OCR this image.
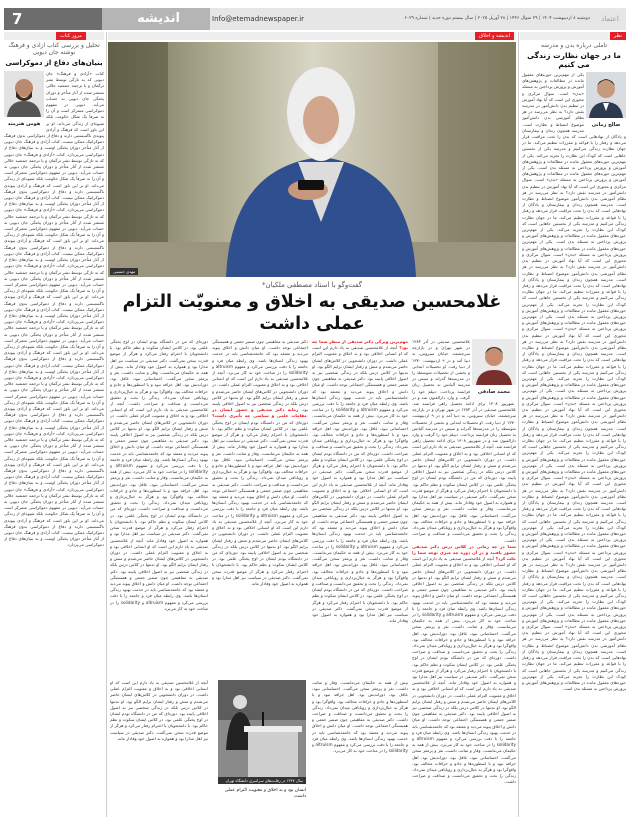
7	اندیشه	Info@etemadnewspaper.ir	دوشنبه ۸ اردیبهشت ۱۴۰۴ | ۲۹ شوال ۱۴۴۶ | ۲۸ آوریل ۲۰۲۵ | سال بیستم دوره جدید | شماره ۶۰۲۹	اعتماد
مرور کتاب	اندیشه و اخلاق	نظر
تاملی درباره بدن و مدرسه
ما در جهان نظارت زندگی می کنیم
صالح زمانی
یکی از مهم‌ترین حوزه‌های مغفول مانده در مطالعات و پژوهش‌های آموزش و پرورش پرداختن به مسئله «بدن» است. سوال مرکزی و محوری این است که آیا نهاد آموزش در تنظیم بدن دانش‌آموز در مدرسه نقش دارد؟ به نظر می‌رسد در هر نظام آموزشی بدن دانش‌آموز موضوع انضباط و نظارت است. مدرسه همچون زندان و بیمارستان و پادگان از نهادهایی است که بدن را تحت مراقبت قرار می‌دهد و رفتار را با قواعد و مقررات تنظیم می‌کند. ما در جهان نظارت زندگی می‌کنیم و مدرسه یکی از نخستین جاهایی است که کودک این نظارت را تجربه می‌کند. یکی از مهم‌ترین حوزه‌های مغفول مانده در مطالعات و پژوهش‌های آموزش و پرورش پرداختن به مسئله بدن است. یکی از مهم‌ترین حوزه‌های مغفول مانده در مطالعات و پژوهش‌های آموزش و پرورش پرداختن به مسئله «بدن» است. سوال مرکزی و محوری این است که آیا نهاد آموزش در تنظیم بدن دانش‌آموز در مدرسه نقش دارد؟ به نظر می‌رسد در هر نظام آموزشی بدن دانش‌آموز موضوع انضباط و نظارت است. مدرسه همچون زندان و بیمارستان و پادگان از نهادهایی است که بدن را تحت مراقبت قرار می‌دهد و رفتار را با قواعد و مقررات تنظیم می‌کند. ما در جهان نظارت زندگی می‌کنیم و مدرسه یکی از نخستین جاهایی است که کودک این نظارت را تجربه می‌کند. یکی از مهم‌ترین حوزه‌های مغفول مانده در مطالعات و پژوهش‌های آموزش و پرورش پرداختن به مسئله بدن است. یکی از مهم‌ترین حوزه‌های مغفول مانده در مطالعات و پژوهش‌های آموزش و پرورش پرداختن به مسئله «بدن» است. سوال مرکزی و محوری این است که آیا نهاد آموزش در تنظیم بدن دانش‌آموز در مدرسه نقش دارد؟ به نظر می‌رسد در هر نظام آموزشی بدن دانش‌آموز موضوع انضباط و نظارت است. مدرسه همچون زندان و بیمارستان و پادگان از نهادهایی است که بدن را تحت مراقبت قرار می‌دهد و رفتار را با قواعد و مقررات تنظیم می‌کند. ما در جهان نظارت زندگی می‌کنیم و مدرسه یکی از نخستین جاهایی است که کودک این نظارت را تجربه می‌کند. یکی از مهم‌ترین حوزه‌های مغفول مانده در مطالعات و پژوهش‌های آموزش و پرورش پرداختن به مسئله بدن است. یکی از مهم‌ترین حوزه‌های مغفول مانده در مطالعات و پژوهش‌های آموزش و پرورش پرداختن به مسئله «بدن» است. سوال مرکزی و محوری این است که آیا نهاد آموزش در تنظیم بدن دانش‌آموز در مدرسه نقش دارد؟ به نظر می‌رسد در هر نظام آموزشی بدن دانش‌آموز موضوع انضباط و نظارت است. مدرسه همچون زندان و بیمارستان و پادگان از نهادهایی است که بدن را تحت مراقبت قرار می‌دهد و رفتار را با قواعد و مقررات تنظیم می‌کند. ما در جهان نظارت زندگی می‌کنیم و مدرسه یکی از نخستین جاهایی است که کودک این نظارت را تجربه می‌کند. یکی از مهم‌ترین حوزه‌های مغفول مانده در مطالعات و پژوهش‌های آموزش و پرورش پرداختن به مسئله بدن است. یکی از مهم‌ترین حوزه‌های مغفول مانده در مطالعات و پژوهش‌های آموزش و پرورش پرداختن به مسئله «بدن» است. سوال مرکزی و محوری این است که آیا نهاد آموزش در تنظیم بدن دانش‌آموز در مدرسه نقش دارد؟ به نظر می‌رسد در هر نظام آموزشی بدن دانش‌آموز موضوع انضباط و نظارت است. مدرسه همچون زندان و بیمارستان و پادگان از نهادهایی است که بدن را تحت مراقبت قرار می‌دهد و رفتار را با قواعد و مقررات تنظیم می‌کند. ما در جهان نظارت زندگی می‌کنیم و مدرسه یکی از نخستین جاهایی است که کودک این نظارت را تجربه می‌کند. یکی از مهم‌ترین حوزه‌های مغفول مانده در مطالعات و پژوهش‌های آموزش و پرورش پرداختن به مسئله بدن است. یکی از مهم‌ترین حوزه‌های مغفول مانده در مطالعات و پژوهش‌های آموزش و پرورش پرداختن به مسئله «بدن» است. سوال مرکزی و محوری این است که آیا نهاد آموزش در تنظیم بدن دانش‌آموز در مدرسه نقش دارد؟ به نظر می‌رسد در هر نظام آموزشی بدن دانش‌آموز موضوع انضباط و نظارت است. مدرسه همچون زندان و بیمارستان و پادگان از نهادهایی است که بدن را تحت مراقبت قرار می‌دهد و رفتار را با قواعد و مقررات تنظیم می‌کند. ما در جهان نظارت زندگی می‌کنیم و مدرسه یکی از نخستین جاهایی است که کودک این نظارت را تجربه می‌کند. یکی از مهم‌ترین حوزه‌های مغفول مانده در مطالعات و پژوهش‌های آموزش و پرورش پرداختن به مسئله بدن است. یکی از مهم‌ترین حوزه‌های مغفول مانده در مطالعات و پژوهش‌های آموزش و پرورش پرداختن به مسئله «بدن» است. سوال مرکزی و محوری این است که آیا نهاد آموزش در تنظیم بدن دانش‌آموز در مدرسه نقش دارد؟ به نظر می‌رسد در هر نظام آموزشی بدن دانش‌آموز موضوع انضباط و نظارت است. مدرسه همچون زندان و بیمارستان و پادگان از نهادهایی است که بدن را تحت مراقبت قرار می‌دهد و رفتار را با قواعد و مقررات تنظیم می‌کند. ما در جهان نظارت زندگی می‌کنیم و مدرسه یکی از نخستین جاهایی است که کودک این نظارت را تجربه می‌کند. یکی از مهم‌ترین حوزه‌های مغفول مانده در مطالعات و پژوهش‌های آموزش و پرورش پرداختن به مسئله بدن است. یکی از مهم‌ترین حوزه‌های مغفول مانده در مطالعات و پژوهش‌های آموزش و پرورش پرداختن به مسئله «بدن» است. سوال مرکزی و محوری این است که آیا نهاد آموزش در تنظیم بدن دانش‌آموز در مدرسه نقش دارد؟ به نظر می‌رسد در هر نظام آموزشی بدن دانش‌آموز موضوع انضباط و نظارت است. مدرسه همچون زندان و بیمارستان و پادگان از نهادهایی است که بدن را تحت مراقبت قرار می‌دهد و رفتار را با قواعد و مقررات تنظیم می‌کند. ما در جهان نظارت زندگی می‌کنیم و مدرسه یکی از نخستین جاهایی است که کودک این نظارت را تجربه می‌کند. یکی از مهم‌ترین حوزه‌های مغفول مانده در مطالعات و پژوهش‌های آموزش و پرورش پرداختن به مسئله بدن است.
تحلیل و بررسی کتاب آزادی و فرهنگ نوشته جان دیویی
بنیان‌های دفاع از دموکراسی
هومن هنرمند
کتاب «آزادی و فرهنگ» جان دیویی که به تازگی توسط نشر ترگمان و با ترجمه جمشید جلالی منتشر شده از آثار متأخر و دوران پختگی جان دیویی به حساب می‌آید. دیویی در مفهوم دموکراسی متمرکز است و آن را نه صرفاً یک شکل حکومت بلکه شیوه‌ای از زندگی می‌داند. او بر این باور است که فرهنگ و آزادی پیوندی ناگسستنی دارند و دفاع از دموکراسی بدون فرهنگ دموکراتیک ممکن نیست. کتاب آزادی و فرهنگ جان دیویی از آثار متأخر دوران پختگی اوست و به بنیان‌های دفاع از دموکراسی می‌پردازد. کتاب «آزادی و فرهنگ» جان دیویی که به تازگی توسط نشر ترگمان و با ترجمه جمشید جلالی منتشر شده از آثار متأخر و دوران پختگی جان دیویی به حساب می‌آید. دیویی در مفهوم دموکراسی متمرکز است و آن را نه صرفاً یک شکل حکومت بلکه شیوه‌ای از زندگی می‌داند. او بر این باور است که فرهنگ و آزادی پیوندی ناگسستنی دارند و دفاع از دموکراسی بدون فرهنگ دموکراتیک ممکن نیست. کتاب آزادی و فرهنگ جان دیویی از آثار متأخر دوران پختگی اوست و به بنیان‌های دفاع از دموکراسی می‌پردازد. کتاب «آزادی و فرهنگ» جان دیویی که به تازگی توسط نشر ترگمان و با ترجمه جمشید جلالی منتشر شده از آثار متأخر و دوران پختگی جان دیویی به حساب می‌آید. دیویی در مفهوم دموکراسی متمرکز است و آن را نه صرفاً یک شکل حکومت بلکه شیوه‌ای از زندگی می‌داند. او بر این باور است که فرهنگ و آزادی پیوندی ناگسستنی دارند و دفاع از دموکراسی بدون فرهنگ دموکراتیک ممکن نیست. کتاب آزادی و فرهنگ جان دیویی از آثار متأخر دوران پختگی اوست و به بنیان‌های دفاع از دموکراسی می‌پردازد. کتاب «آزادی و فرهنگ» جان دیویی که به تازگی توسط نشر ترگمان و با ترجمه جمشید جلالی منتشر شده از آثار متأخر و دوران پختگی جان دیویی به حساب می‌آید. دیویی در مفهوم دموکراسی متمرکز است و آن را نه صرفاً یک شکل حکومت بلکه شیوه‌ای از زندگی می‌داند. او بر این باور است که فرهنگ و آزادی پیوندی ناگسستنی دارند و دفاع از دموکراسی بدون فرهنگ دموکراتیک ممکن نیست. کتاب آزادی و فرهنگ جان دیویی از آثار متأخر دوران پختگی اوست و به بنیان‌های دفاع از دموکراسی می‌پردازد. کتاب «آزادی و فرهنگ» جان دیویی که به تازگی توسط نشر ترگمان و با ترجمه جمشید جلالی منتشر شده از آثار متأخر و دوران پختگی جان دیویی به حساب می‌آید. دیویی در مفهوم دموکراسی متمرکز است و آن را نه صرفاً یک شکل حکومت بلکه شیوه‌ای از زندگی می‌داند. او بر این باور است که فرهنگ و آزادی پیوندی ناگسستنی دارند و دفاع از دموکراسی بدون فرهنگ دموکراتیک ممکن نیست. کتاب آزادی و فرهنگ جان دیویی از آثار متأخر دوران پختگی اوست و به بنیان‌های دفاع از دموکراسی می‌پردازد. کتاب «آزادی و فرهنگ» جان دیویی که به تازگی توسط نشر ترگمان و با ترجمه جمشید جلالی منتشر شده از آثار متأخر و دوران پختگی جان دیویی به حساب می‌آید. دیویی در مفهوم دموکراسی متمرکز است و آن را نه صرفاً یک شکل حکومت بلکه شیوه‌ای از زندگی می‌داند. او بر این باور است که فرهنگ و آزادی پیوندی ناگسستنی دارند و دفاع از دموکراسی بدون فرهنگ دموکراتیک ممکن نیست. کتاب آزادی و فرهنگ جان دیویی از آثار متأخر دوران پختگی اوست و به بنیان‌های دفاع از دموکراسی می‌پردازد. کتاب «آزادی و فرهنگ» جان دیویی که به تازگی توسط نشر ترگمان و با ترجمه جمشید جلالی منتشر شده از آثار متأخر و دوران پختگی جان دیویی به حساب می‌آید. دیویی در مفهوم دموکراسی متمرکز است و آن را نه صرفاً یک شکل حکومت بلکه شیوه‌ای از زندگی می‌داند. او بر این باور است که فرهنگ و آزادی پیوندی ناگسستنی دارند و دفاع از دموکراسی بدون فرهنگ دموکراتیک ممکن نیست. کتاب آزادی و فرهنگ جان دیویی از آثار متأخر دوران پختگی اوست و به بنیان‌های دفاع از دموکراسی می‌پردازد. کتاب «آزادی و فرهنگ» جان دیویی که به تازگی توسط نشر ترگمان و با ترجمه جمشید جلالی منتشر شده از آثار متأخر و دوران پختگی جان دیویی به حساب می‌آید. دیویی در مفهوم دموکراسی متمرکز است و آن را نه صرفاً یک شکل حکومت بلکه شیوه‌ای از زندگی می‌داند. او بر این باور است که فرهنگ و آزادی پیوندی ناگسستنی دارند و دفاع از دموکراسی بدون فرهنگ دموکراتیک ممکن نیست. کتاب آزادی و فرهنگ جان دیویی از آثار متأخر دوران پختگی اوست و به بنیان‌های دفاع از دموکراسی می‌پردازد.
مهدی حسینی
گفت‌وگو با استاد مصطفی ملکیان*
غلامحسین صدیقی به اخلاق و معنویّت التزام عملی داشت
محمد صادقی
غلامحسین صدیقی در آذر ۱۲۸۴ در شهر تهران و در بازارچه سرچشمه، خیابان سیروس، به دنیا آمد و در ۹ اردیبهشت ۱۳۷۰ از دنیا رفت. او تحصیلات ابتدایی و بخشی از تحصیلات متوسطه را در مدرسه‌ها گذراند و سپس در مدرسه آلیانس به تحصیل زبان فرانسه پرداخت. دیپلم خود را گرفت و وارد دارالفنون شد و در شهریور ۱۳۰۸ برای ادامه تحصیل راهی فرانسه شد. غلامحسین صدیقی در آذر ۱۲۸۴ در شهر تهران و در بازارچه سرچشمه، خیابان سیروس، به دنیا آمد و در ۹ اردیبهشت ۱۳۷۰ از دنیا رفت. او تحصیلات ابتدایی و بخشی از تحصیلات متوسطه را در مدرسه‌ها گذراند و سپس در مدرسه آلیانس به تحصیل زبان فرانسه پرداخت. دیپلم خود را گرفت و وارد دارالفنون شد و در شهریور ۱۳۰۸ برای ادامه تحصیل راهی فرانسه شد. آنچه از غلامحسین صدیقی به یاد دارم این است که او انسانی اخلاقی بود و به اخلاق و معنویت التزام عملی داشت. در دوران دانشجویی در کلاس‌های ایشان حاضر می‌شدم و منش و رفتار ایشان برایم الگو بود. او نه‌تنها در کلاس درس بلکه در زندگی شخصی نیز به اصول اخلاقی پایبند بود. دوره‌ای که من در دانشگاه بودم ایشان در اوج پختگی علمی بود. در کلاس ایشان سکوت و نظم حاکم بود. با دانشجویان با احترام رفتار می‌کرد و هرگز از موضع قدرت سخن نمی‌گفت. دکتر صدیقی در سیاست نیز اهل مدارا بود و همواره به اصول خود وفادار ماند. بیش از همه به حکیمان می‌مانست. وقار و متانت داشت، نغز و پرمغز سخن می‌گفت. احساساتی نبود، عاقل بود، دوراندیش بود. اهل خرافه نبود و با اسطوره‌ها و جادو و خرافات مخالف بود. واقع‌گرا بود و هرگز به خیال‌پردازی و رویابافی میدان نمی‌داد. زندگی را بحث و تحقیق می‌دانست و صداقت و صراحت داشت.
شما در چه زمانی در کلاس درس دکتر صدیقی حضور یافتید و در آن دوره چه چیزی توجه شما را جلب کرد؟ آنچه از غلامحسین صدیقی به یاد دارم این است که او انسانی اخلاقی بود و به اخلاق و معنویت التزام عملی داشت. در دوران دانشجویی در کلاس‌های ایشان حاضر می‌شدم و منش و رفتار ایشان برایم الگو بود. او نه‌تنها در کلاس درس بلکه در زندگی شخصی نیز به اصول اخلاقی پایبند بود. دکتر صدیقی به مفاهیمی چون ضمیر جمعی و همبستگی اجتماعی توجه داشت. او میان دانش و اخلاق پیوند می‌دید و معتقد بود که جامعه‌شناسی باید در خدمت بهبود زندگی انسان‌ها باشد. وی رابطه میان فرد و جامعه را با دقت بررسی می‌کرد و مفهوم altruism و solidarity را در مباحث خود به کار می‌برد. بیش از همه به حکیمان می‌مانست. وقار و متانت داشت، نغز و پرمغز سخن می‌گفت. احساساتی نبود، عاقل بود، دوراندیش بود. اهل خرافه نبود و با اسطوره‌ها و جادو و خرافات مخالف بود. واقع‌گرا بود و هرگز به خیال‌پردازی و رویابافی میدان نمی‌داد. زندگی را بحث و تحقیق می‌دانست و صداقت و صراحت داشت. دوره‌ای که من در دانشگاه بودم ایشان در اوج پختگی علمی بود. در کلاس ایشان سکوت و نظم حاکم بود. با دانشجویان با احترام رفتار می‌کرد و هرگز از موضع قدرت سخن نمی‌گفت. دکتر صدیقی در سیاست نیز اهل مدارا بود و همواره به اصول خود وفادار ماند. آنچه از غلامحسین صدیقی به یاد دارم این است که او انسانی اخلاقی بود و به اخلاق و معنویت التزام عملی داشت. در دوران دانشجویی در کلاس‌های ایشان حاضر می‌شدم و منش و رفتار ایشان برایم الگو بود. او نه‌تنها در کلاس درس بلکه در زندگی شخصی نیز به اصول اخلاقی پایبند بود. دکتر صدیقی به مفاهیمی چون ضمیر جمعی و همبستگی اجتماعی توجه داشت. او میان دانش و اخلاق پیوند می‌دید و معتقد بود که جامعه‌شناسی باید در خدمت بهبود زندگی انسان‌ها باشد. وی رابطه میان فرد و جامعه را با دقت بررسی می‌کرد و مفهوم altruism و solidarity را در مباحث خود به کار می‌برد. بیش از همه به حکیمان می‌مانست. وقار و متانت داشت، نغز و پرمغز سخن می‌گفت. احساساتی نبود، عاقل بود، دوراندیش بود. اهل خرافه نبود و با اسطوره‌ها و جادو و خرافات مخالف بود. واقع‌گرا بود و هرگز به خیال‌پردازی و رویابافی میدان نمی‌داد. زندگی را بحث و تحقیق می‌دانست و صداقت و صراحت داشت.
مهم‌ترین ویژگی دکتر صدیقی از منظر شما چه بود؟ آنچه از غلامحسین صدیقی به یاد دارم این است که او انسانی اخلاقی بود و به اخلاق و معنویت التزام عملی داشت. در دوران دانشجویی در کلاس‌های ایشان حاضر می‌شدم و منش و رفتار ایشان برایم الگو بود. او نه‌تنها در کلاس درس بلکه در زندگی شخصی نیز به اصول اخلاقی پایبند بود. دکتر صدیقی به مفاهیمی چون ضمیر جمعی و همبستگی اجتماعی توجه داشت. او میان دانش و اخلاق پیوند می‌دید و معتقد بود که جامعه‌شناسی باید در خدمت بهبود زندگی انسان‌ها باشد. وی رابطه میان فرد و جامعه را با دقت بررسی می‌کرد و مفهوم altruism و solidarity را در مباحث خود به کار می‌برد. بیش از همه به حکیمان می‌مانست. وقار و متانت داشت، نغز و پرمغز سخن می‌گفت. احساساتی نبود، عاقل بود، دوراندیش بود. اهل خرافه نبود و با اسطوره‌ها و جادو و خرافات مخالف بود. واقع‌گرا بود و هرگز به خیال‌پردازی و رویابافی میدان نمی‌داد. زندگی را بحث و تحقیق می‌دانست و صداقت و صراحت داشت. دوره‌ای که من در دانشگاه بودم ایشان در اوج پختگی علمی بود. در کلاس ایشان سکوت و نظم حاکم بود. با دانشجویان با احترام رفتار می‌کرد و هرگز از موضع قدرت سخن نمی‌گفت. دکتر صدیقی در سیاست نیز اهل مدارا بود و همواره به اصول خود وفادار ماند. آنچه از غلامحسین صدیقی به یاد دارم این است که او انسانی اخلاقی بود و به اخلاق و معنویت التزام عملی داشت. در دوران دانشجویی در کلاس‌های ایشان حاضر می‌شدم و منش و رفتار ایشان برایم الگو بود. او نه‌تنها در کلاس درس بلکه در زندگی شخصی نیز به اصول اخلاقی پایبند بود. دکتر صدیقی به مفاهیمی چون ضمیر جمعی و همبستگی اجتماعی توجه داشت. او میان دانش و اخلاق پیوند می‌دید و معتقد بود که جامعه‌شناسی باید در خدمت بهبود زندگی انسان‌ها باشد. وی رابطه میان فرد و جامعه را با دقت بررسی می‌کرد و مفهوم altruism و solidarity را در مباحث خود به کار می‌برد. بیش از همه به حکیمان می‌مانست. وقار و متانت داشت، نغز و پرمغز سخن می‌گفت. احساساتی نبود، عاقل بود، دوراندیش بود. اهل خرافه نبود و با اسطوره‌ها و جادو و خرافات مخالف بود. واقع‌گرا بود و هرگز به خیال‌پردازی و رویابافی میدان نمی‌داد. زندگی را بحث و تحقیق می‌دانست و صداقت و صراحت داشت. دوره‌ای که من در دانشگاه بودم ایشان در اوج پختگی علمی بود. در کلاس ایشان سکوت و نظم حاکم بود. با دانشجویان با احترام رفتار می‌کرد و هرگز از موضع قدرت سخن نمی‌گفت. دکتر صدیقی در سیاست نیز اهل مدارا بود و همواره به اصول خود وفادار ماند.
دکتر صدیقی به مفاهیمی چون ضمیر جمعی و همبستگی اجتماعی توجه داشت. او میان دانش و اخلاق پیوند می‌دید و معتقد بود که جامعه‌شناسی باید در خدمت بهبود زندگی انسان‌ها باشد. وی رابطه میان فرد و جامعه را با دقت بررسی می‌کرد و مفهوم altruism و solidarity را در مباحث خود به کار می‌برد. آنچه از غلامحسین صدیقی به یاد دارم این است که او انسانی اخلاقی بود و به اخلاق و معنویت التزام عملی داشت. در دوران دانشجویی در کلاس‌های ایشان حاضر می‌شدم و منش و رفتار ایشان برایم الگو بود. او نه‌تنها در کلاس درس بلکه در زندگی شخصی نیز به اصول اخلاقی پایبند بود. زمانه دکتر صدیقی و حضور ایشان در مقامات علمی و سیاسی چه تأثیری داشت؟ دوره‌ای که من در دانشگاه بودم ایشان در اوج پختگی علمی بود. در کلاس ایشان سکوت و نظم حاکم بود. با دانشجویان با احترام رفتار می‌کرد و هرگز از موضع قدرت سخن نمی‌گفت. دکتر صدیقی در سیاست نیز اهل مدارا بود و همواره به اصول خود وفادار ماند. بیش از همه به حکیمان می‌مانست. وقار و متانت داشت، نغز و پرمغز سخن می‌گفت. احساساتی نبود، عاقل بود، دوراندیش بود. اهل خرافه نبود و با اسطوره‌ها و جادو و خرافات مخالف بود. واقع‌گرا بود و هرگز به خیال‌پردازی و رویابافی میدان نمی‌داد. زندگی را بحث و تحقیق می‌دانست و صداقت و صراحت داشت. دکتر صدیقی به مفاهیمی چون ضمیر جمعی و همبستگی اجتماعی توجه داشت. او میان دانش و اخلاق پیوند می‌دید و معتقد بود که جامعه‌شناسی باید در خدمت بهبود زندگی انسان‌ها باشد. وی رابطه میان فرد و جامعه را با دقت بررسی می‌کرد و مفهوم altruism و solidarity را در مباحث خود به کار می‌برد. آنچه از غلامحسین صدیقی به یاد دارم این است که او انسانی اخلاقی بود و به اخلاق و معنویت التزام عملی داشت. در دوران دانشجویی در کلاس‌های ایشان حاضر می‌شدم و منش و رفتار ایشان برایم الگو بود. او نه‌تنها در کلاس درس بلکه در زندگی شخصی نیز به اصول اخلاقی پایبند بود. دوره‌ای که من در دانشگاه بودم ایشان در اوج پختگی علمی بود. در کلاس ایشان سکوت و نظم حاکم بود. با دانشجویان با احترام رفتار می‌کرد و هرگز از موضع قدرت سخن نمی‌گفت. دکتر صدیقی در سیاست نیز اهل مدارا بود و همواره به اصول خود وفادار ماند.
دوره‌ای که من در دانشگاه بودم ایشان در اوج پختگی علمی بود. در کلاس ایشان سکوت و نظم حاکم بود. با دانشجویان با احترام رفتار می‌کرد و هرگز از موضع قدرت سخن نمی‌گفت. دکتر صدیقی در سیاست نیز اهل مدارا بود و همواره به اصول خود وفادار ماند. بیش از همه به حکیمان می‌مانست. وقار و متانت داشت، نغز و پرمغز سخن می‌گفت. احساساتی نبود، عاقل بود، دوراندیش بود. اهل خرافه نبود و با اسطوره‌ها و جادو و خرافات مخالف بود. واقع‌گرا بود و هرگز به خیال‌پردازی و رویابافی میدان نمی‌داد. زندگی را بحث و تحقیق می‌دانست و صداقت و صراحت داشت. آنچه از غلامحسین صدیقی به یاد دارم این است که او انسانی اخلاقی بود و به اخلاق و معنویت التزام عملی داشت. در دوران دانشجویی در کلاس‌های ایشان حاضر می‌شدم و منش و رفتار ایشان برایم الگو بود. او نه‌تنها در کلاس درس بلکه در زندگی شخصی نیز به اصول اخلاقی پایبند بود. دکتر صدیقی به مفاهیمی چون ضمیر جمعی و همبستگی اجتماعی توجه داشت. او میان دانش و اخلاق پیوند می‌دید و معتقد بود که جامعه‌شناسی باید در خدمت بهبود زندگی انسان‌ها باشد. وی رابطه میان فرد و جامعه را با دقت بررسی می‌کرد و مفهوم altruism و solidarity را در مباحث خود به کار می‌برد. بیش از همه به حکیمان می‌مانست. وقار و متانت داشت، نغز و پرمغز سخن می‌گفت. احساساتی نبود، عاقل بود، دوراندیش بود. اهل خرافه نبود و با اسطوره‌ها و جادو و خرافات مخالف بود. واقع‌گرا بود و هرگز به خیال‌پردازی و رویابافی میدان نمی‌داد. زندگی را بحث و تحقیق می‌دانست و صداقت و صراحت داشت. دوره‌ای که من در دانشگاه بودم ایشان در اوج پختگی علمی بود. در کلاس ایشان سکوت و نظم حاکم بود. با دانشجویان با احترام رفتار می‌کرد و هرگز از موضع قدرت سخن نمی‌گفت. دکتر صدیقی در سیاست نیز اهل مدارا بود و همواره به اصول خود وفادار ماند. آنچه از غلامحسین صدیقی به یاد دارم این است که او انسانی اخلاقی بود و به اخلاق و معنویت التزام عملی داشت. در دوران دانشجویی در کلاس‌های ایشان حاضر می‌شدم و منش و رفتار ایشان برایم الگو بود. او نه‌تنها در کلاس درس بلکه در زندگی شخصی نیز به اصول اخلاقی پایبند بود. دکتر صدیقی به مفاهیمی چون ضمیر جمعی و همبستگی اجتماعی توجه داشت. او میان دانش و اخلاق پیوند می‌دید و معتقد بود که جامعه‌شناسی باید در خدمت بهبود زندگی انسان‌ها باشد. وی رابطه میان فرد و جامعه را با دقت بررسی می‌کرد و مفهوم altruism و solidarity را در مباحث خود به کار می‌برد.
بیش از همه به حکیمان می‌مانست. وقار و متانت داشت، نغز و پرمغز سخن می‌گفت. احساساتی نبود، عاقل بود، دوراندیش بود. اهل خرافه نبود و با اسطوره‌ها و جادو و خرافات مخالف بود. واقع‌گرا بود و هرگز به خیال‌پردازی و رویابافی میدان نمی‌داد. زندگی را بحث و تحقیق می‌دانست و صداقت و صراحت داشت. دکتر صدیقی به مفاهیمی چون ضمیر جمعی و همبستگی اجتماعی توجه داشت. او میان دانش و اخلاق پیوند می‌دید و معتقد بود که جامعه‌شناسی باید در خدمت بهبود زندگی انسان‌ها باشد. وی رابطه میان فرد و جامعه را با دقت بررسی می‌کرد و مفهوم altruism و solidarity را در مباحث خود به کار می‌برد.
آنچه از غلامحسین صدیقی به یاد دارم این است که او انسانی اخلاقی بود و به اخلاق و معنویت التزام عملی داشت. در دوران دانشجویی در کلاس‌های ایشان حاضر می‌شدم و منش و رفتار ایشان برایم الگو بود. او نه‌تنها در کلاس درس بلکه در زندگی شخصی نیز به اصول اخلاقی پایبند بود. دوره‌ای که من در دانشگاه بودم ایشان در اوج پختگی علمی بود. در کلاس ایشان سکوت و نظم حاکم بود. با دانشجویان با احترام رفتار می‌کرد و هرگز از موضع قدرت سخن نمی‌گفت. دکتر صدیقی در سیاست نیز اهل مدارا بود و همواره به اصول خود وفادار ماند.
سال ۱۳۴۷ در رقابت‌های سراسری دانشگاه تهران
انسان بود و به اخلاق و معنویت التزام عملی داشت.
